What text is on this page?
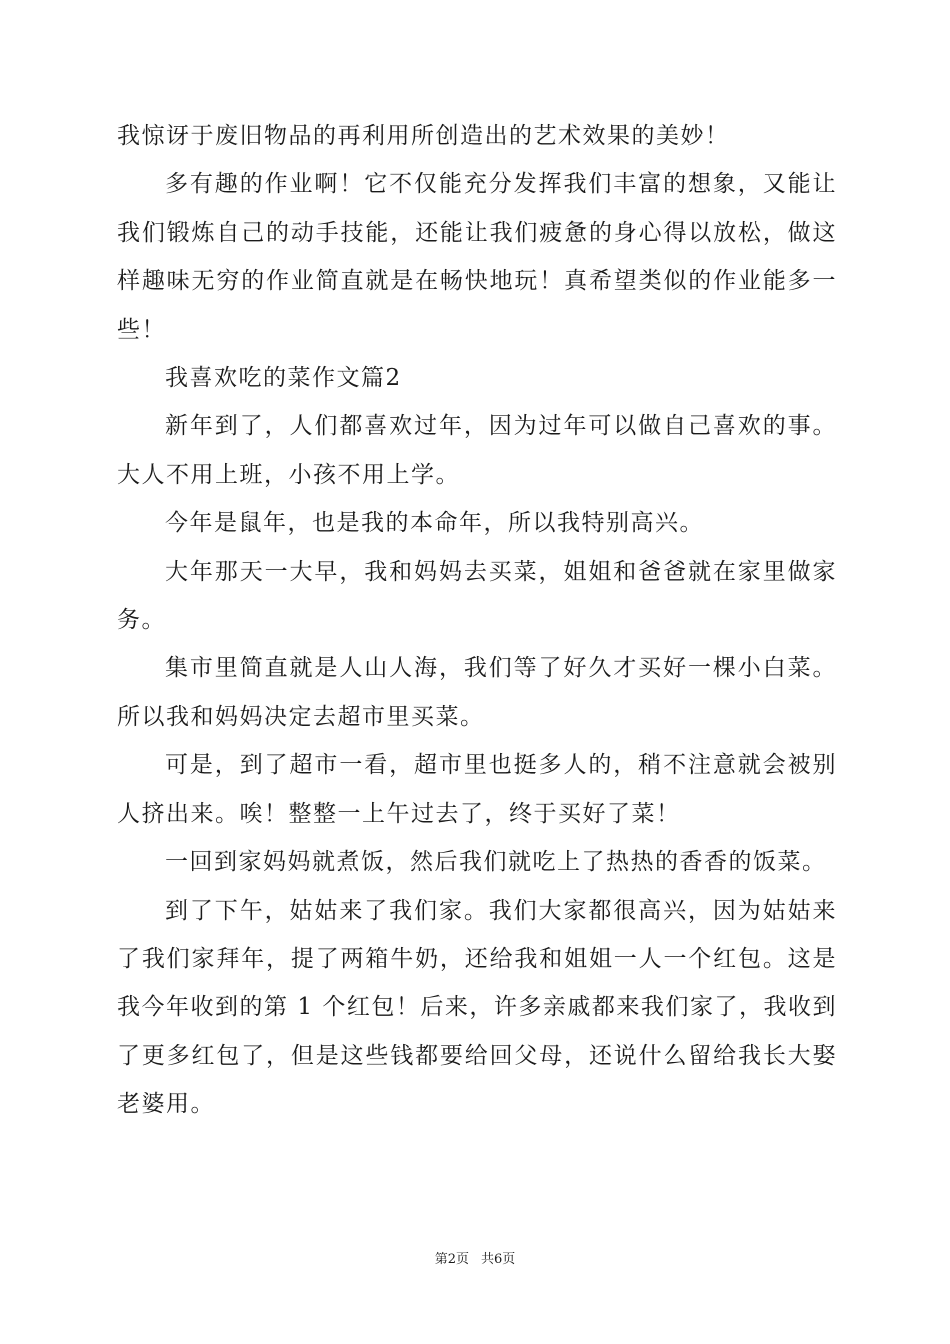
我惊讶于废旧物品的再利用所创造出的艺术效果的美妙！

多有趣的作业啊！它不仅能充分发挥我们丰富的想象，又能让我们锻炼自己的动手技能，还能让我们疲惫的身心得以放松，做这样趣味无穷的作业简直就是在畅快地玩！真希望类似的作业能多一些！

我喜欢吃的菜作文篇2

新年到了，人们都喜欢过年，因为过年可以做自己喜欢的事。大人不用上班，小孩不用上学。

今年是鼠年，也是我的本命年，所以我特别高兴。

大年那天一大早，我和妈妈去买菜，姐姐和爸爸就在家里做家务。

集市里简直就是人山人海，我们等了好久才买好一棵小白菜。所以我和妈妈决定去超市里买菜。

可是，到了超市一看，超市里也挺多人的，稍不注意就会被别人挤出来。唉！整整一上午过去了，终于买好了菜！

一回到家妈妈就煮饭，然后我们就吃上了热热的香香的饭菜。

到了下午，姑姑来了我们家。我们大家都很高兴，因为姑姑来了我们家拜年，提了两箱牛奶，还给我和姐姐一人一个红包。这是我今年收到的第 1 个红包！后来，许多亲戚都来我们家了，我收到了更多红包了，但是这些钱都要给回父母，还说什么留给我长大娶老婆用。

第2页 共6页
